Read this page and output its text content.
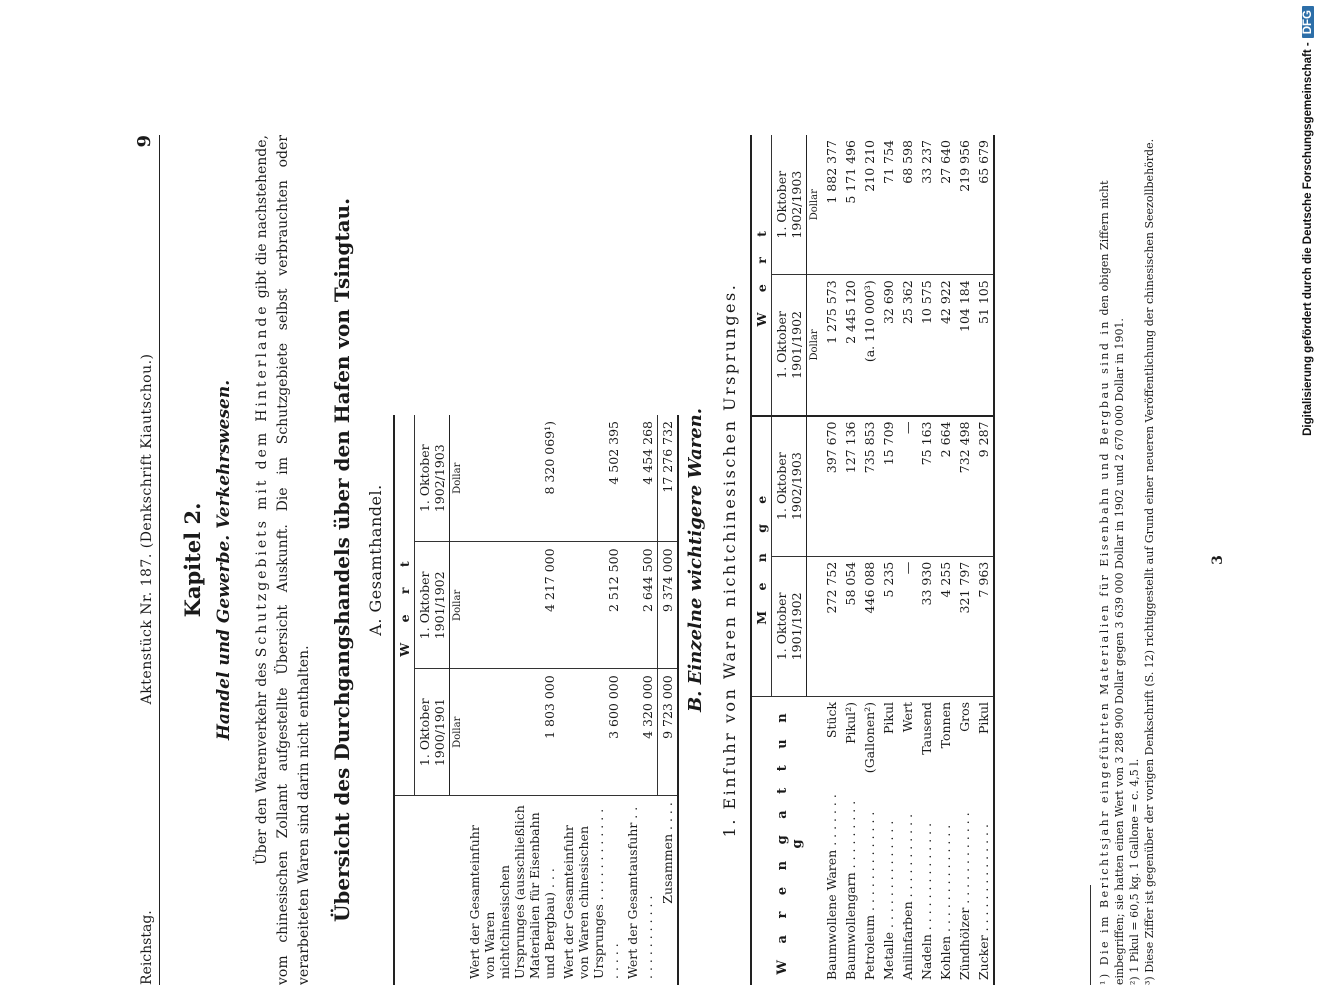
Reichstag.
Aktenstück Nr. 187. (Denkschrift Kiautschou.)
9
Kapitel 2. Handel und Gewerbe. Verkehrswesen.
Über den Warenverkehr des Schutzgebiets mit dem Hinterlande gibt die nachstehende, vom chinesischen Zollamt aufgestellte Übersicht Auskunft. Die im Schutzgebiete selbst verbrauchten oder verarbeiteten Waren sind darin nicht enthalten. Übersicht des Durchgangshandels über den Hafen von Tsingtau. A. Gesamthandel.
	W e r t		
	1. Oktober 1900/1901	1. Oktober 1901/1902	1. Oktober 1902/1903
	Dollar	Dollar	Dollar
Wert der Gesamteinfuhr von Waren nichtchinesischen Ursprunges (ausschließlich Materialien für Eisenbahn und Bergbau) . . .	1 803 000	4 217 000	8 320 069¹)
Wert der Gesamteinfuhr von Waren chinesischen Ursprunges . . . . . . . . . . . . . . . . .	3 600 000	2 512 500	4 502 395
Wert der Gesamtausfuhr . . . . . . . . . . . . .	4 320 000	2 644 500	4 454 268
Zusammen . . . .	9 723 000	9 374 000	17 276 732 B. Einzelne wichtigere Waren. 1. Einfuhr von Waren nichtchinesischen Ursprunges.
W a r e n g a t t u n g		M e n g e		W e r t	
		1. Oktober 1901/1902	1. Oktober 1902/1903	1. Oktober 1901/1902	1. Oktober 1902/1903
				Dollar	Dollar
Baumwollene Waren . . . . . . .	Stück	272 752	397 670	1 275 573	1 882 377
Baumwollengarn . . . . . . . . .	Pikul²)	58 054	127 136	2 445 120	5 171 496
Petroleum . . . . . . . . . . . . .	(Gallonen²)	446 088	735 853	(a. 110 000³)	210 210
Metalle . . . . . . . . . . . . . .	Pikul	5 235	15 709	32 690	71 754
Anilinfarben . . . . . . . . . . .	Wert	—	—	25 362	68 598
Nadeln . . . . . . . . . . . . . .	Tausend	33 930	75 163	10 575	33 237
Kohlen . . . . . . . . . . . . . .	Tonnen	4 255	2 664	42 922	27 640
Zündhölzer . . . . . . . . . . . .	Gros	321 797	732 498	104 184	219 956
Zucker . . . . . . . . . . . . . .	Pikul	7 963	9 287	51 105	65 679
¹) Die im Berichtsjahr eingeführten Materialien für Eisenbahn und Bergbau sind in den obigen Ziffern nicht einbegriffen; sie hatten einen Wert von 3 288 900 Dollar gegen 3 639 000 Dollar in 1902 und 2 670 000 Dollar in 1901. ²) 1 Pikul = 60,5 kg. 1 Gallone = c. 4,5 l. ³) Diese Ziffer ist gegenüber der vorigen Denkschrift (S. 12) richtiggestellt auf Grund einer neueren Veröffentlichung der chinesischen Seezollbehörde.	3
Digitalisierung gefördert durch die Deutsche Forschungsgemeinschaft -DFG
